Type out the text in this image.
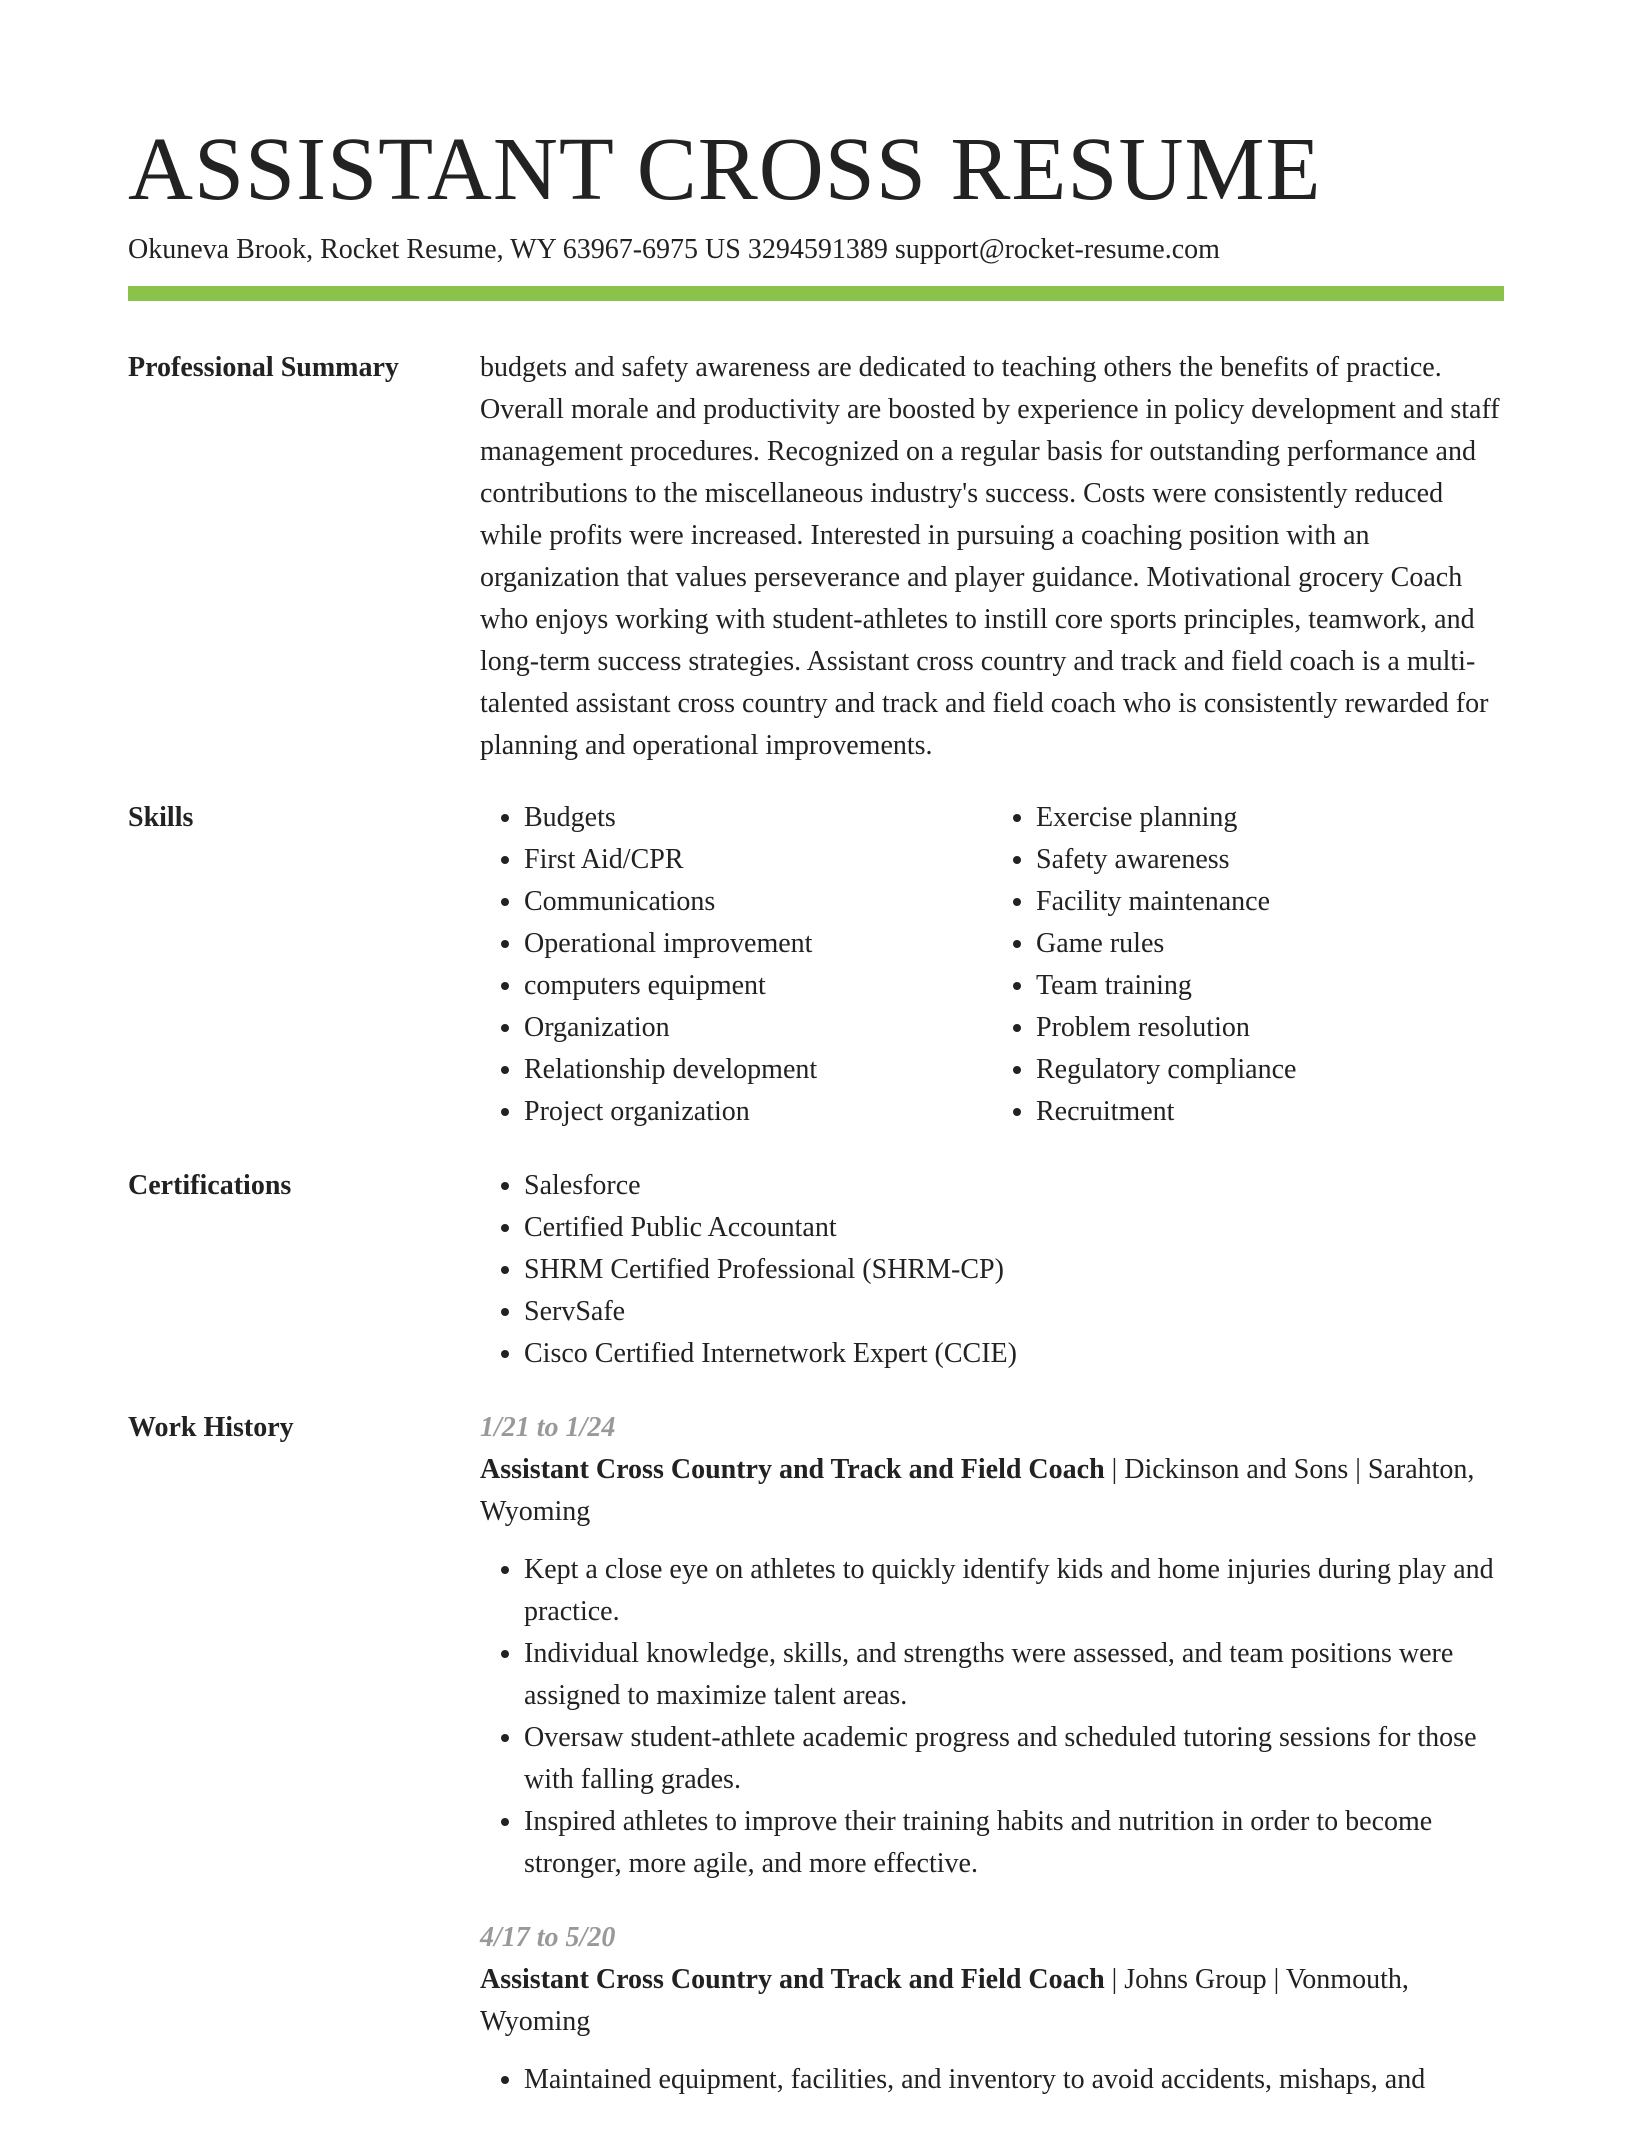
ASSISTANT CROSS RESUME
Okuneva Brook, Rocket Resume, WY 63967-6975 US 3294591389 support@rocket-resume.com
Professional Summary	budgets and safety awareness are dedicated to teaching others the benefits of practice. Overall morale and productivity are boosted by experience in policy development and staff management procedures. Recognized on a regular basis for outstanding performance and contributions to the miscellaneous industry's success. Costs were consistently reduced while profits were increased. Interested in pursuing a coaching position with an organization that values perseverance and player guidance. Motivational grocery Coach who enjoys working with student-athletes to instill core sports principles, teamwork, and long-term success strategies. Assistant cross country and track and field coach is a multi-talented assistant cross country and track and field coach who is consistently rewarded for planning and operational improvements.

Skills	• Budgets
• First Aid/CPR
• Communications
• Operational improvement
• computers equipment
• Organization
• Relationship development
• Project organization
• Exercise planning
• Safety awareness
• Facility maintenance
• Game rules
• Team training
• Problem resolution
• Regulatory compliance
• Recruitment
Certifications	• Salesforce
• Certified Public Accountant
• SHRM Certified Professional (SHRM-CP)
• ServSafe
• Cisco Certified Internetwork Expert (CCIE)
Work History	1/21 to 1/24

Assistant Cross Country and Track and Field Coach | Dickinson and Sons | Sarahton, Wyoming

• Kept a close eye on athletes to quickly identify kids and home injuries during play and practice.
• Individual knowledge, skills, and strengths were assessed, and team positions were assigned to maximize talent areas.
• Oversaw student-athlete academic progress and scheduled tutoring sessions for those with falling grades.
• Inspired athletes to improve their training habits and nutrition in order to become stronger, more agile, and more effective.
4/17 to 5/20

Assistant Cross Country and Track and Field Coach | Johns Group | Vonmouth, Wyoming

• Maintained equipment, facilities, and inventory to avoid accidents, mishaps, and
